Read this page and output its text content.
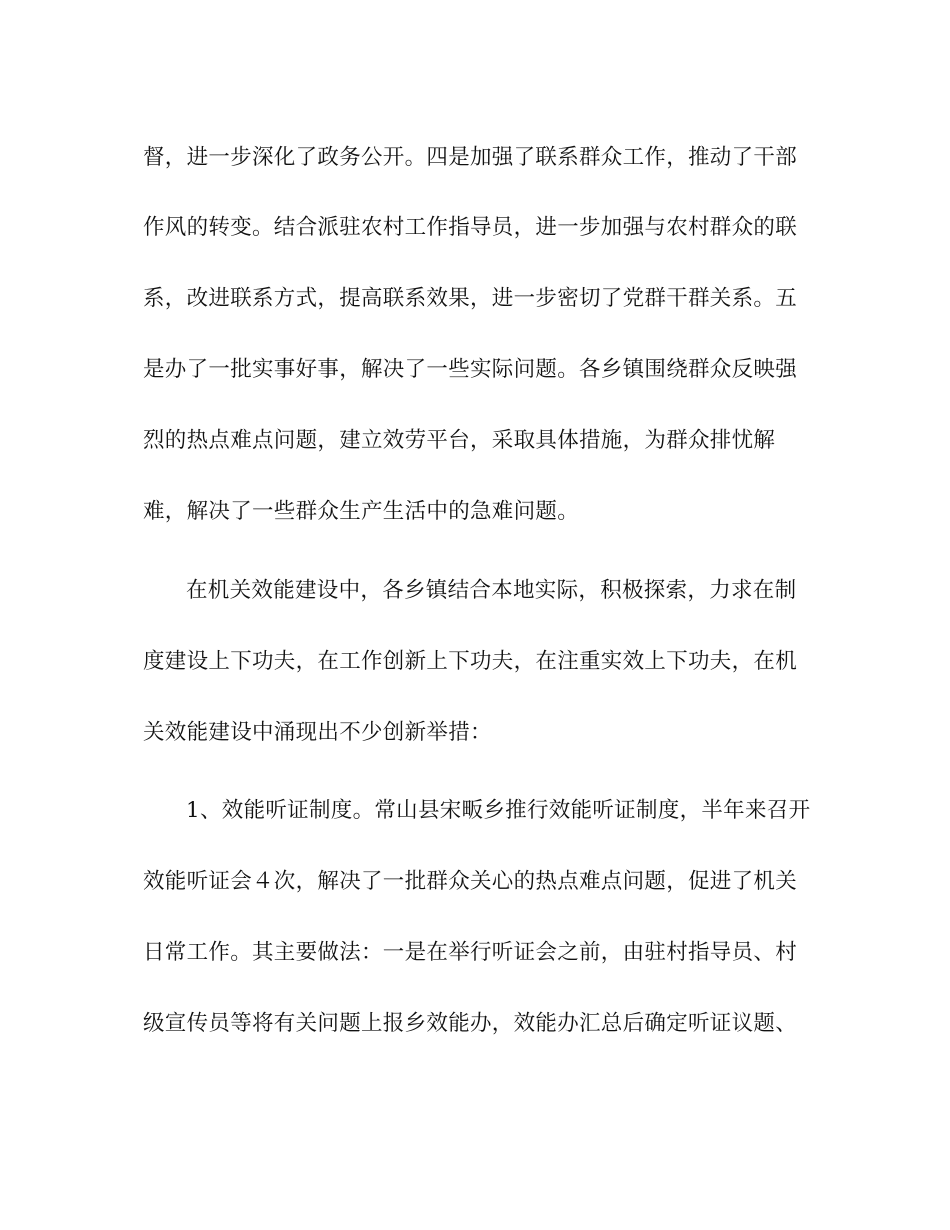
督，进一步深化了政务公开。四是加强了联系群众工作，推动了干部

作风的转变。结合派驻农村工作指导员，进一步加强与农村群众的联

系，改进联系方式，提高联系效果，进一步密切了党群干群关系。五

是办了一批实事好事，解决了一些实际问题。各乡镇围绕群众反映强

烈的热点难点问题，建立效劳平台，采取具体措施，为群众排忧解

难，解决了一些群众生产生活中的急难问题。

在机关效能建设中，各乡镇结合本地实际，积极探索，力求在制

度建设上下功夫，在工作创新上下功夫，在注重实效上下功夫，在机

关效能建设中涌现出不少创新举措：

1、效能听证制度。常山县宋畈乡推行效能听证制度，半年来召开

效能听证会４次，解决了一批群众关心的热点难点问题，促进了机关

日常工作。其主要做法：一是在举行听证会之前，由驻村指导员、村

级宣传员等将有关问题上报乡效能办，效能办汇总后确定听证议题、
